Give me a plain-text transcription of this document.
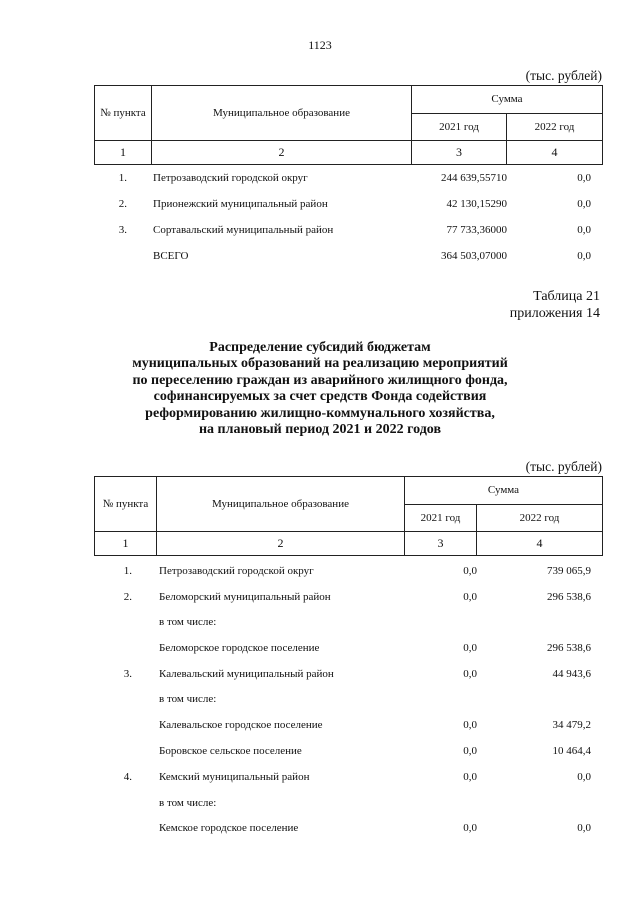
1123
(тыс. рублей)
№ пункта	Муниципальное образование	Сумма	
		2021 год	2022 год
1	2	3	4
1. Петрозаводский городской округ	244 639,55710	0,0
2. Прионежский муниципальный район	42 130,15290	0,0
3. Сортавальский муниципальный район	77 733,36000	0,0
ВСЕГО	364 503,07000	0,0
Таблица 21
приложения 14
Распределение субсидий бюджетам
муниципальных образований на реализацию мероприятий
по переселению граждан из аварийного жилищного фонда,
софинансируемых за счет средств Фонда содействия
реформированию жилищно-коммунального хозяйства,
на плановый период 2021 и 2022 годов
(тыс. рублей)
№ пункта	Муниципальное образование	Сумма	
		2021 год	2022 год
1	2	3	4
1. Петрозаводский городской округ	0,0	739 065,9
2. Беломорский муниципальный район	0,0	296 538,6
в том числе:
Беломорское городское поселение	0,0	296 538,6
3. Калевальский муниципальный район	0,0	44 943,6
в том числе:
Калевальское городское поселение	0,0	34 479,2
Боровское сельское поселение	0,0	10 464,4
4. Кемский муниципальный район	0,0	0,0
в том числе:
Кемское городское поселение	0,0	0,0
